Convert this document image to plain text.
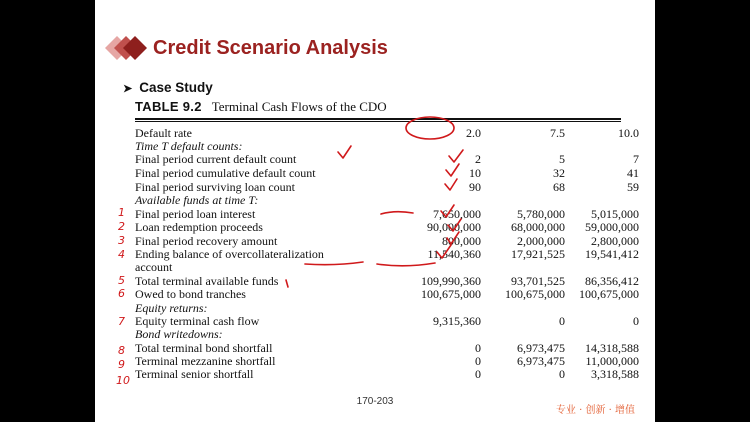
Credit Scenario Analysis
➤ Case Study
TABLE 9.2 Terminal Cash Flows of the CDO
Default rate	2.0	7.5	10.0
Time T default counts:
Final period current default count	2	5	7
Final period cumulative default count	10	32	41
Final period surviving loan count	90	68	59
Available funds at time T:
Final period loan interest	7,650,000	5,780,000 5,015,000
Loan redemption proceeds	90,000,000	68,000,000 59,000,000
Final period recovery amount	800,000	2,000,000 2,800,000
Ending balance of overcollateralization	11,540,360	17,921,525 19,541,412
account
Total terminal available funds	109,990,360	93,701,525 86,356,412
Owed to bond tranches	100,675,000 100,675,000 100,675,000
Equity returns:
Equity terminal cash flow	9,315,360	0	0
Bond writedowns:
Total terminal bond shortfall	0	6,973,475 14,318,588
Terminal mezzanine shortfall	0	6,973,475 11,000,000
Terminal senior shortfall	0	0 3,318,588
170-203
专业 · 创新 · 增值
1
2
3
4
5
6
7
8
9
10
